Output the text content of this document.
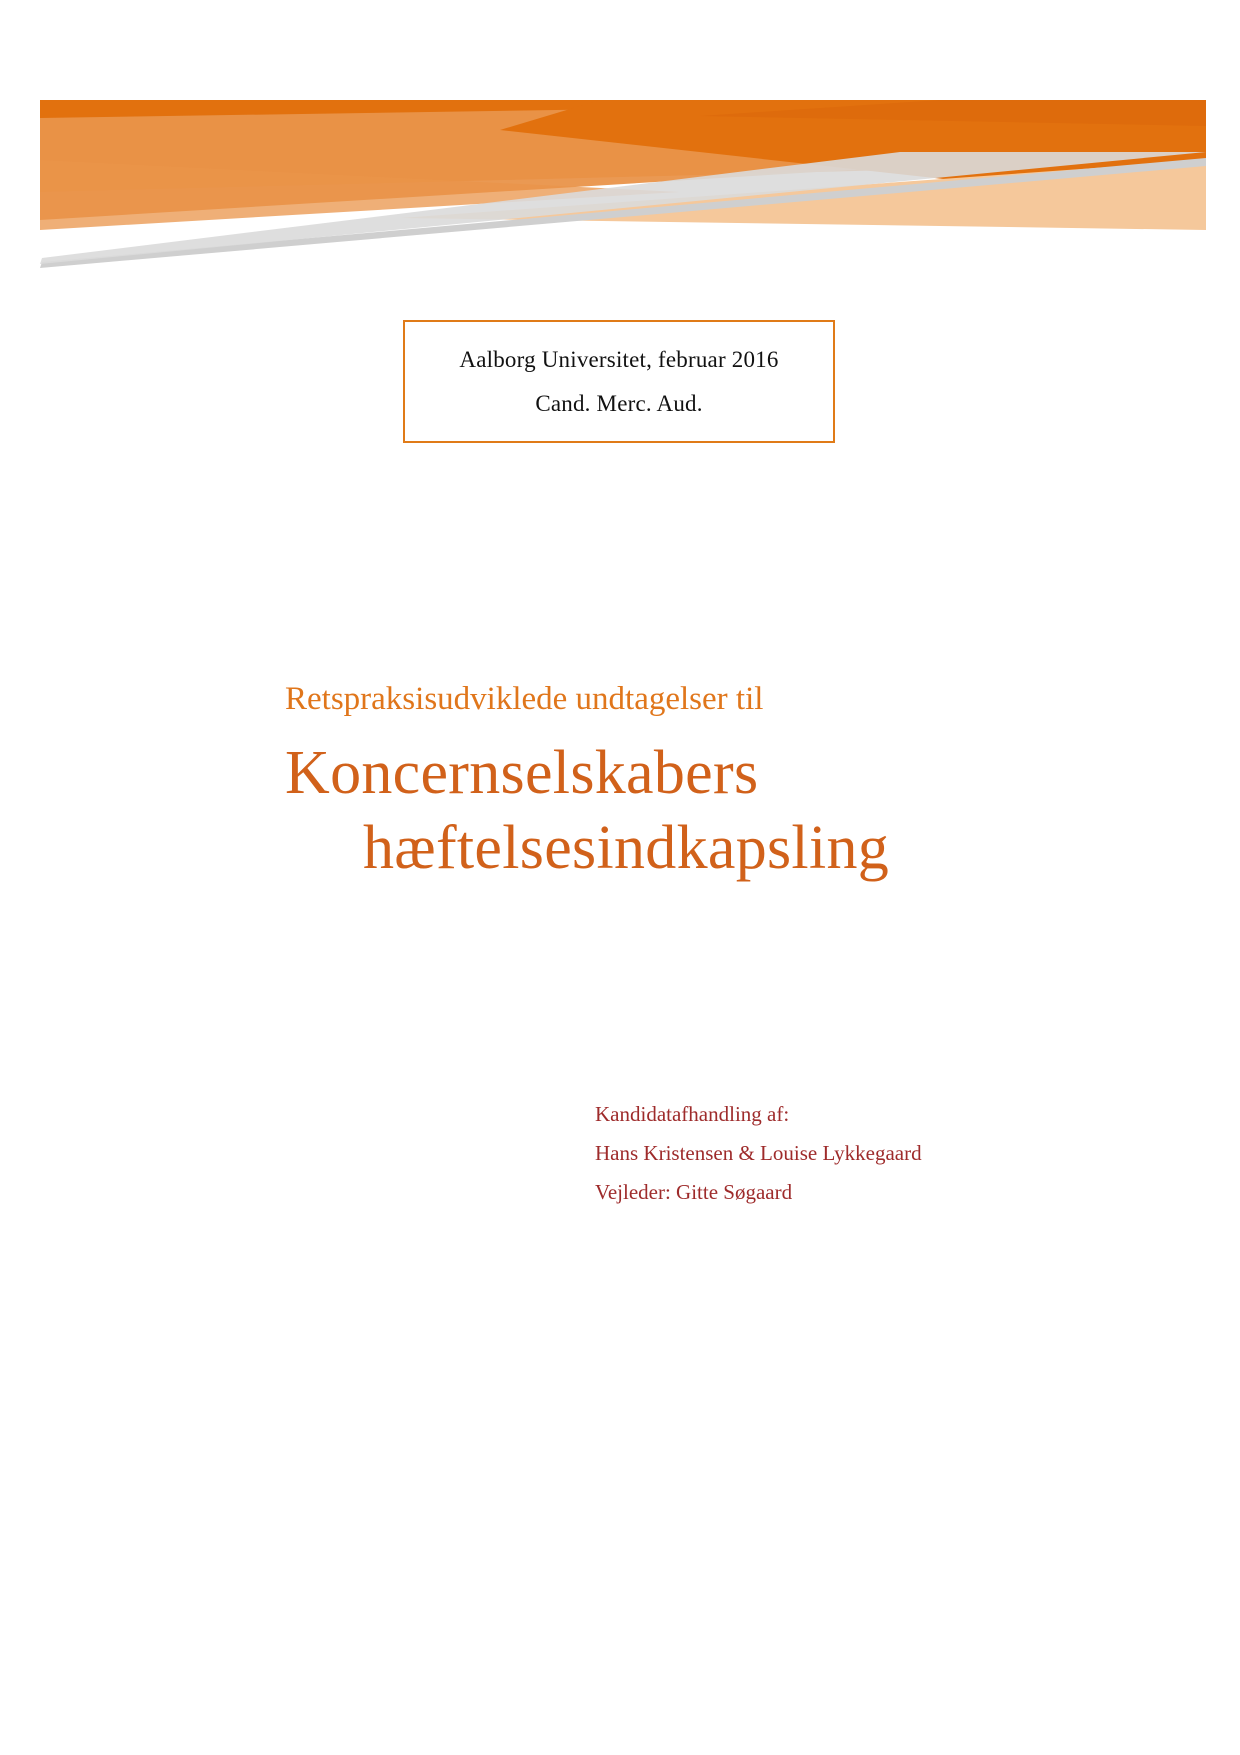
Aalborg Universitet, februar 2016
Cand. Merc. Aud.
Retspraksisudviklede undtagelser til
Koncernselskabers
hæftelsesindkapsling
Kandidatafhandling af:
Hans Kristensen & Louise Lykkegaard
Vejleder: Gitte Søgaard
